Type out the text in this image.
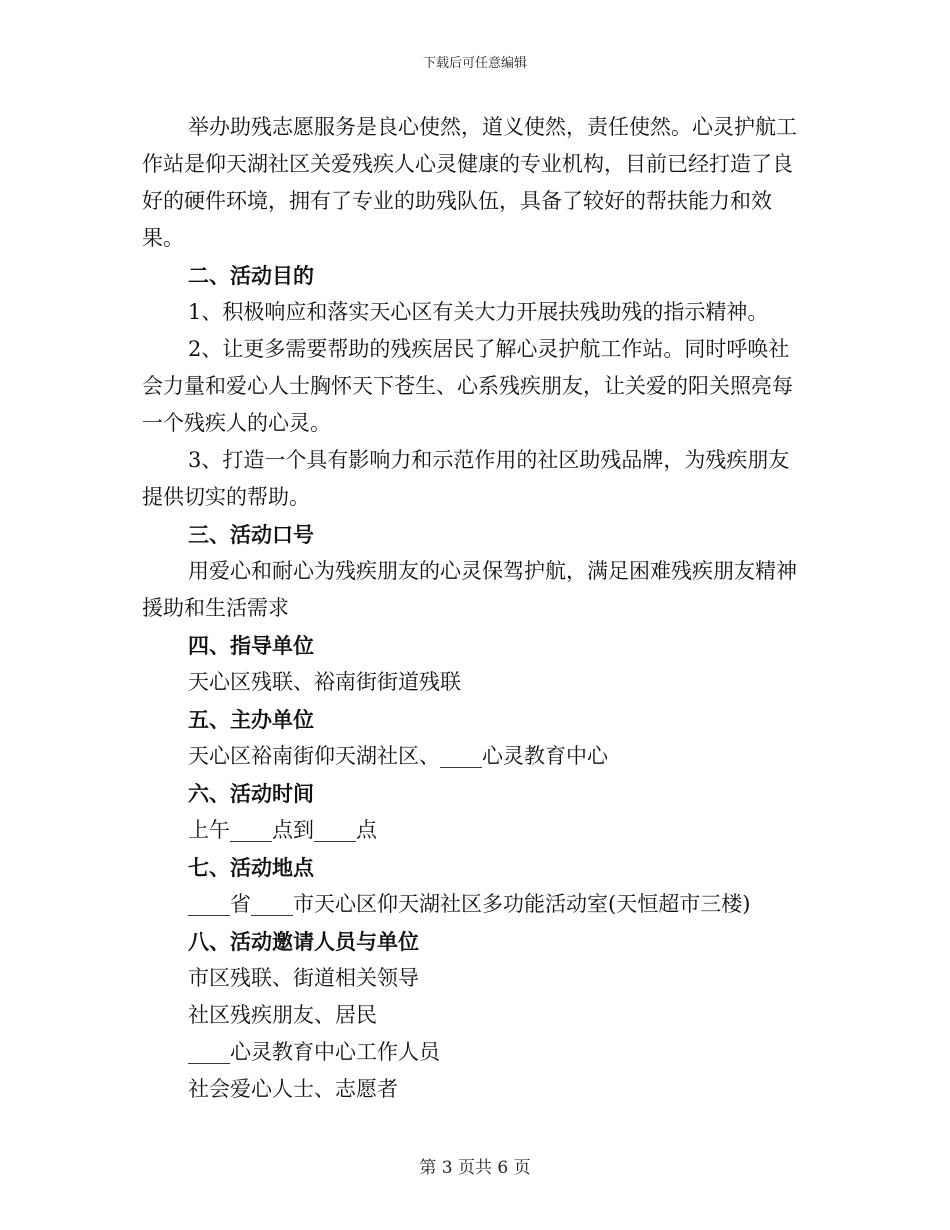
下载后可任意编辑

举办助残志愿服务是良心使然，道义使然，责任使然。心灵护航工作站是仰天湖社区关爱残疾人心灵健康的专业机构，目前已经打造了良好的硬件环境，拥有了专业的助残队伍，具备了较好的帮扶能力和效果。

二、活动目的

1、积极响应和落实天心区有关大力开展扶残助残的指示精神。

2、让更多需要帮助的残疾居民了解心灵护航工作站。同时呼唤社会力量和爱心人士胸怀天下苍生、心系残疾朋友，让关爱的阳关照亮每一个残疾人的心灵。

3、打造一个具有影响力和示范作用的社区助残品牌，为残疾朋友提供切实的帮助。

三、活动口号

用爱心和耐心为残疾朋友的心灵保驾护航，满足困难残疾朋友精神援助和生活需求

四、指导单位

天心区残联、裕南街街道残联

五、主办单位

天心区裕南街仰天湖社区、____心灵教育中心

六、活动时间

上午____点到____点

七、活动地点

____省____市天心区仰天湖社区多功能活动室(天恒超市三楼)

八、活动邀请人员与单位

市区残联、街道相关领导

社区残疾朋友、居民

____心灵教育中心工作人员

社会爱心人士、志愿者

第 3 页共 6 页
